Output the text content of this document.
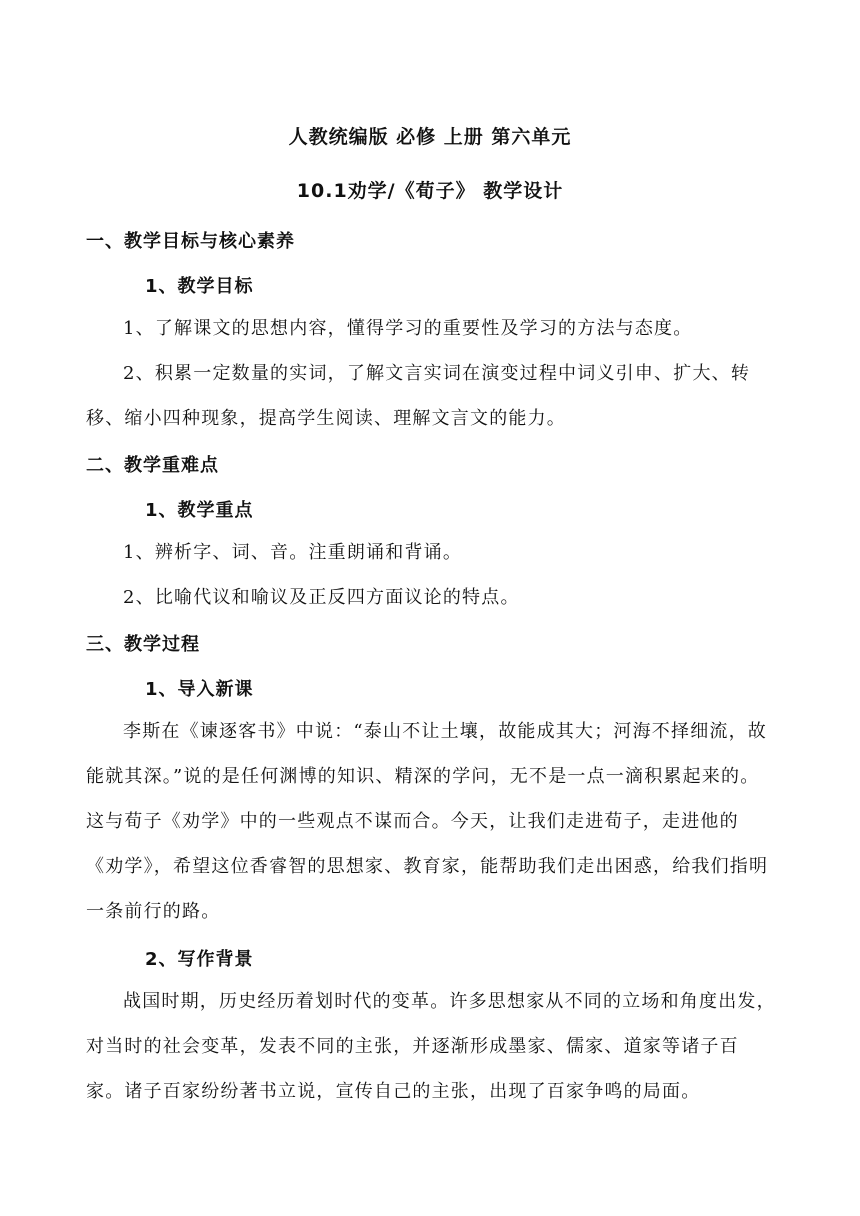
人教统编版 必修 上册 第六单元
10.1劝学/《荀子》 教学设计
一、教学目标与核心素养
1、教学目标

1、了解课文的思想内容，懂得学习的重要性及学习的方法与态度。

2、积累一定数量的实词，了解文言实词在演变过程中词义引申、扩大、转移、缩小四种现象，提高学生阅读、理解文言文的能力。

二、教学重难点
1、教学重点

1、辨析字、词、音。注重朗诵和背诵。

2、比喻代议和喻议及正反四方面议论的特点。

三、教学过程
1、导入新课

李斯在《谏逐客书》中说：“泰山不让土壤，故能成其大；河海不择细流，故能就其深。”说的是任何渊博的知识、精深的学问，无不是一点一滴积累起来的。这与荀子《劝学》中的一些观点不谋而合。今天，让我们走进荀子，走进他的《劝学》，希望这位香睿智的思想家、教育家，能帮助我们走出困惑，给我们指明一条前行的路。

2、写作背景

战国时期，历史经历着划时代的变革。许多思想家从不同的立场和角度出发，对当时的社会变革，发表不同的主张，并逐渐形成墨家、儒家、道家等诸子百家。诸子百家纷纷著书立说，宣传自己的主张，出现了百家争鸣的局面。
